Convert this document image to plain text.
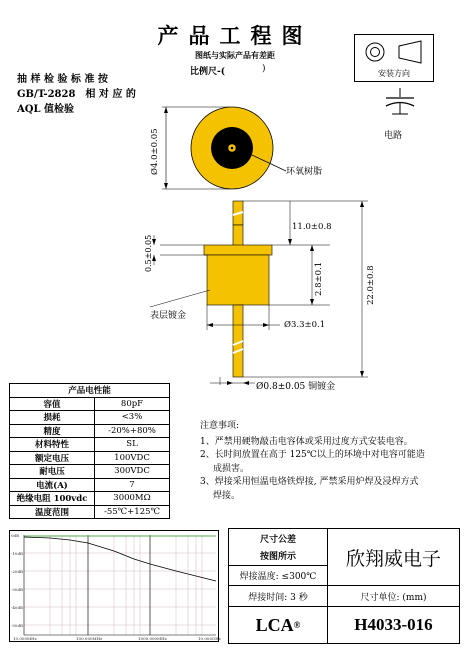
产品工程图
图纸与实际产品有差距
比例尺-(	)
抽 样 检 验 标 准 按
GB/T-2828　相 对 应 的
AQL 值检验
安装方向
电路
Ø4.0±0.05	环氧树脂
11.0±0.8
22.0±0.8
0.5±0.05
2.8±0.1
Ø3.3±0.1
表层镀金
Ø0.8±0.05 铜镀金
产品电性能	
容值	80pF
损耗	<3%
精度	-20%+80%
材料特性	SL
额定电压	100VDC
耐电压	300VDC
电流(A)	7
绝缘电阻 100vdc	3000MΩ
温度范围	-55℃+125℃
注意事项:
1、严禁用硬物敲击电容体或采用过度方式安装电容。
2、长时间放置在高于 125℃以上的环境中对电容可能造
成损害。
3、焊接采用恒温电烙铁焊接, 严禁采用炉焊及浸焊方式
焊接。
0dB
-10dB
-20dB
-30dB
-40dB
-50dB
10.000MHz	100.000MHz	1000.000MHz	10.000GHz
尺寸公差
按图所示	欣翔威电子
焊接温度: ≤300℃
焊接时间: 3 秒	尺寸单位: (mm)
LCA ®	H4033-016
